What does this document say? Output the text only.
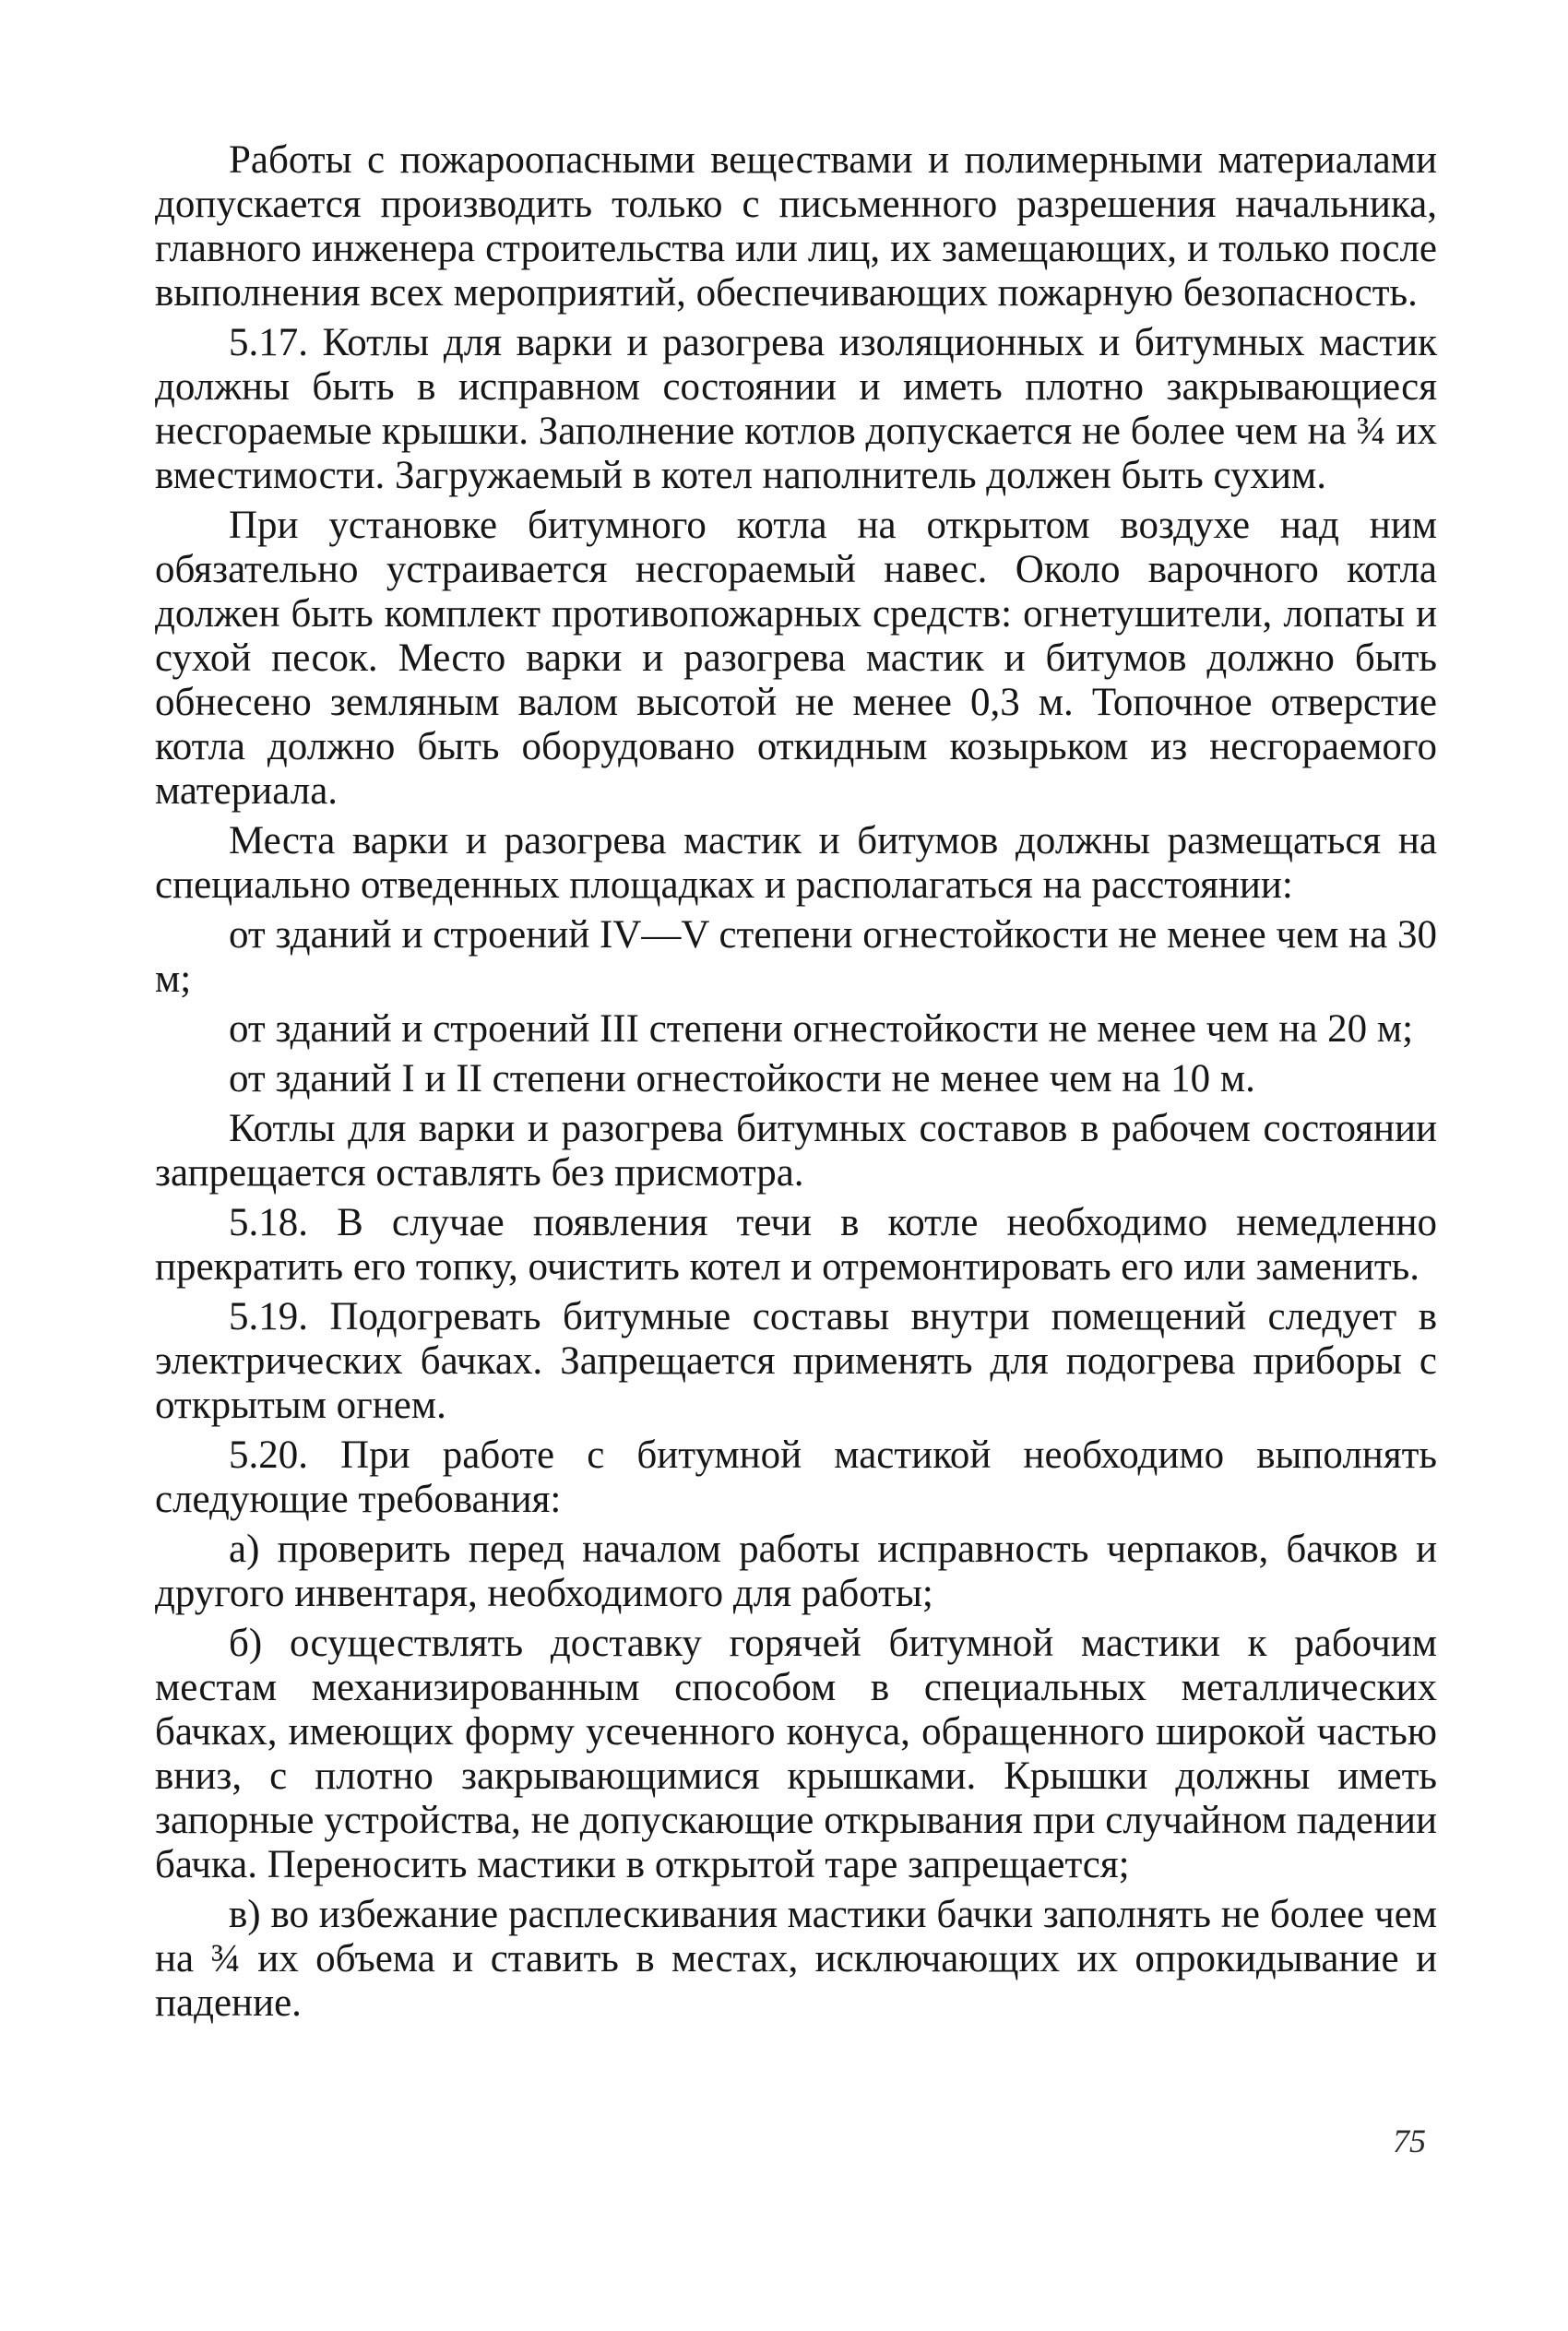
Работы с пожароопасными веществами и полимерными материалами допускается производить только с письменного разрешения начальника, главного инженера строительства или лиц, их замещающих, и только после выполнения всех мероприятий, обеспечивающих пожарную безопасность.

5.17. Котлы для варки и разогрева изоляционных и битумных мастик должны быть в исправном состоянии и иметь плотно закрывающиеся несгораемые крышки. Заполнение котлов допускается не более чем на ¾ их вместимости. Загружаемый в котел наполнитель должен быть сухим.

При установке битумного котла на открытом воздухе над ним обязательно устраивается несгораемый навес. Около варочного котла должен быть комплект противопожарных средств: огнетушители, лопаты и сухой песок. Место варки и разогрева мастик и битумов должно быть обнесено земляным валом высотой не менее 0,3 м. Топочное отверстие котла должно быть оборудовано откидным козырьком из несгораемого материала.

Места варки и разогрева мастик и битумов должны размещаться на специально отведенных площадках и располагаться на расстоянии:

от зданий и строений IV—V степени огнестойкости не менее чем на 30 м;

от зданий и строений III степени огнестойкости не менее чем на 20 м;

от зданий I и II степени огнестойкости не менее чем на 10 м.

Котлы для варки и разогрева битумных составов в рабочем состоянии запрещается оставлять без присмотра.

5.18. В случае появления течи в котле необходимо немедленно прекратить его топку, очистить котел и отремонтировать его или заменить.

5.19. Подогревать битумные составы внутри помещений следует в электрических бачках. Запрещается применять для подогрева приборы с открытым огнем.

5.20. При работе с битумной мастикой необходимо выполнять следующие требования:

а) проверить перед началом работы исправность черпаков, бачков и другого инвентаря, необходимого для работы;

б) осуществлять доставку горячей битумной мастики к рабочим местам механизированным способом в специальных металлических бачках, имеющих форму усеченного конуса, обращенного широкой частью вниз, с плотно закрывающимися крышками. Крышки должны иметь запорные устройства, не допускающие открывания при случайном падении бачка. Переносить мастики в открытой таре запрещается;

в) во избежание расплескивания мастики бачки заполнять не более чем на ¾ их объема и ставить в местах, исключающих их опрокидывание и падение.

75
